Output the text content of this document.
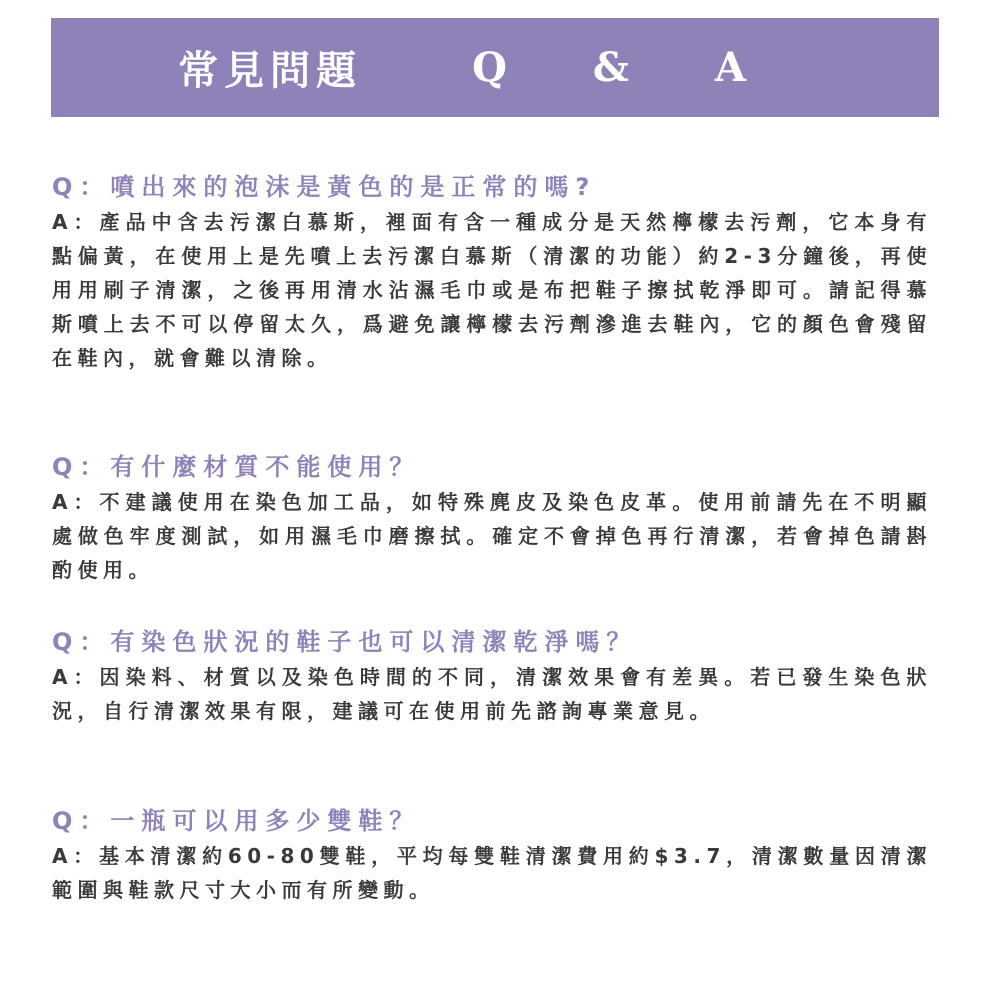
常見問題	Q & A
Q：噴出來的泡沫是黃色的是正常的嗎?
A：產品中含去污潔白慕斯，裡面有含一種成分是天然檸檬去污劑，它本身有點偏黃，在使用上是先噴上去污潔白慕斯（清潔的功能）約2-3分鐘後，再使用用刷子清潔，之後再用清水沾濕毛巾或是布把鞋子擦拭乾淨即可。請記得慕斯噴上去不可以停留太久，爲避免讓檸檬去污劑滲進去鞋內，它的顏色會殘留在鞋內，就會難以清除。
Q：有什麼材質不能使用？
A：不建議使用在染色加工品，如特殊麂皮及染色皮革。使用前請先在不明顯處做色牢度測試，如用濕毛巾磨擦拭。確定不會掉色再行清潔，若會掉色請斟酌使用。
Q：有染色狀況的鞋子也可以清潔乾淨嗎？
A：因染料、材質以及染色時間的不同，清潔效果會有差異。若已發生染色狀況，自行清潔效果有限，建議可在使用前先諮詢專業意見。
Q：一瓶可以用多少雙鞋？
A：基本清潔約60-80雙鞋，平均每雙鞋清潔費用約$3.7，清潔數量因清潔範圍與鞋款尺寸大小而有所變動。
